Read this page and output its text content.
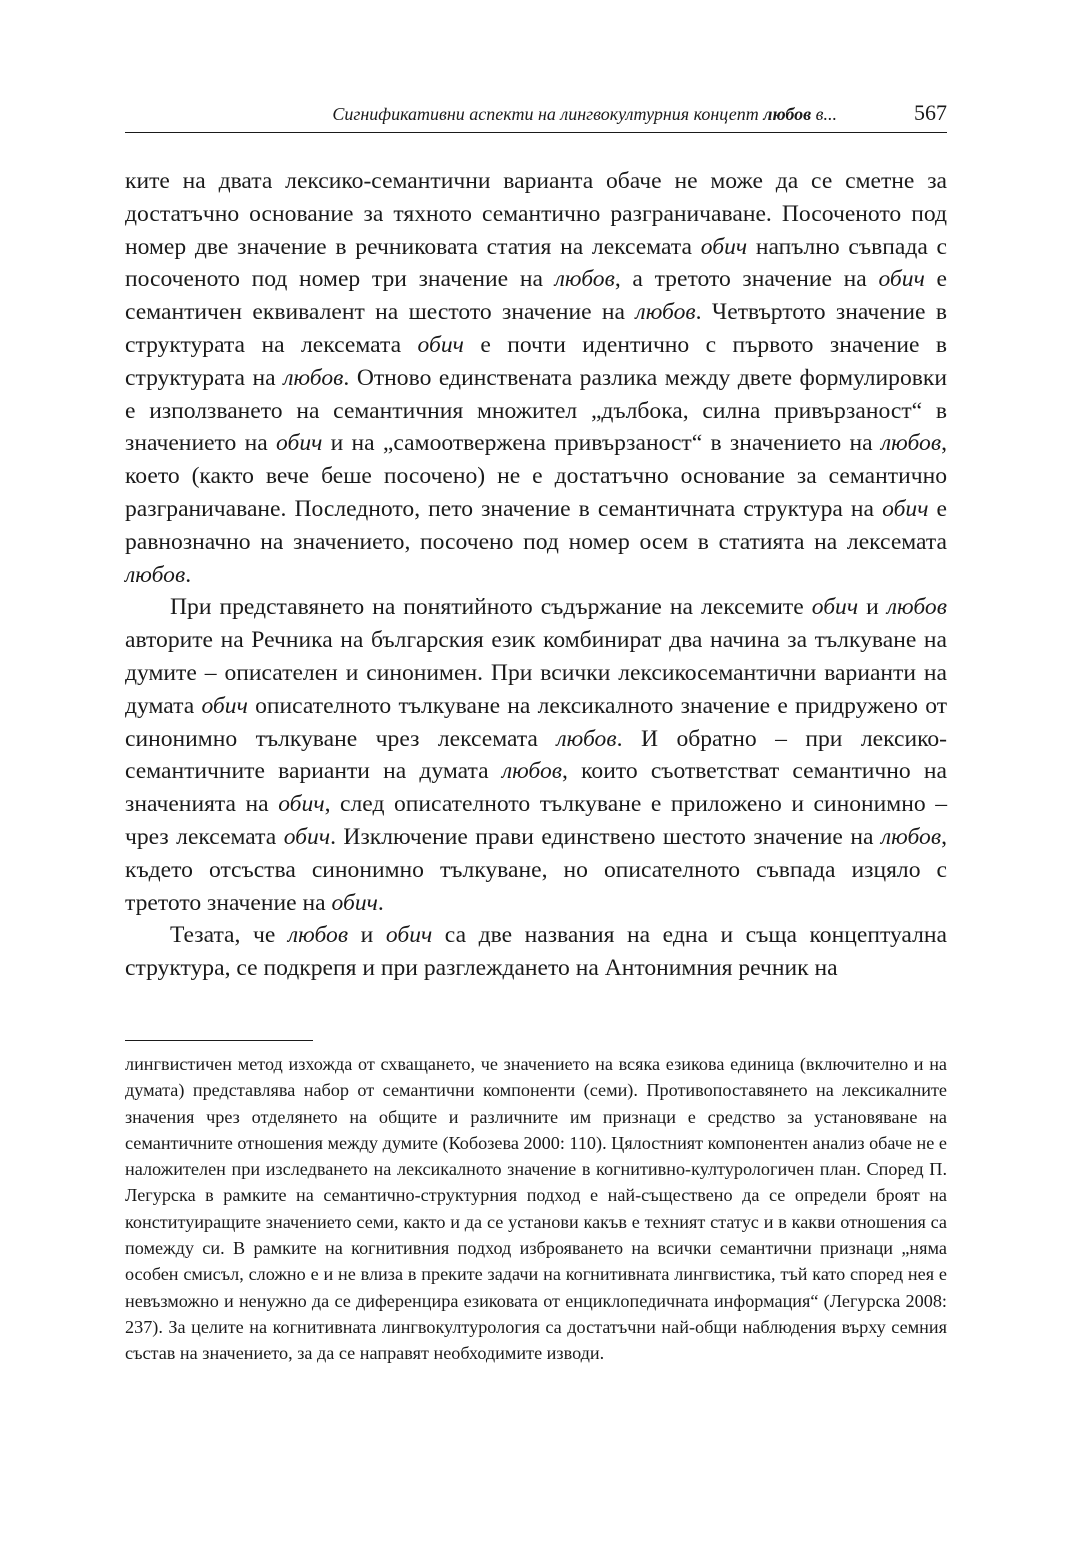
Сигнификативни аспекти на лингвокултурния концепт любов в...	567

ките на двата лексико-семантични варианта обаче не може да се сметне за достатъчно основание за тяхното семантично разграничаване. Посоченото под номер две значение в речниковата статия на лексемата обич напълно съвпада с посоченото под номер три значение на любов, а третото значение на обич е семантичен еквивалент на шестото значение на любов. Четвъртото значение в структурата на лексемата обич е почти идентично с първото значение в структурата на любов. Отново единствената разлика между двете формулировки е използването на семантичния множител „дълбока, силна привързаност“ в значението на обич и на „самоотвержена привързаност“ в значението на любов, което (както вече беше посочено) не е достатъчно основание за семантично разграничаване. Последното, пето значение в семантичната структура на обич е равнозначно на значението, посочено под номер осем в статията на лексемата любов.

При представянето на понятийното съдържание на лексемите обич и любов авторите на Речника на българския език комбинират два начина за тълкуване на думите – описателен и синонимен. При всички лексикосемантични варианти на думата обич описателното тълкуване на лексикалното значение е придружено от синонимно тълкуване чрез лексемата любов. И обратно – при лексико-семантичните варианти на думата любов, които съответстват семантично на значенията на обич, след описателното тълкуване е приложено и синонимно – чрез лексемата обич. Изключение прави единствено шестото значение на любов, където отсъства синонимно тълкуване, но описателното съвпада изцяло с третото значение на обич.

Тезата, че любов и обич са две названия на една и съща концептуална структура, се подкрепя и при разглеждането на Антонимния речник на

лингвистичен метод изхожда от схващането, че значението на всяка езикова единица (включително и на думата) представлява набор от семантични компоненти (семи). Противопоставянето на лексикалните значения чрез отделянето на общите и различните им признаци е средство за установяване на семантичните отношения между думите (Кобозева 2000: 110). Цялостният компонентен анализ обаче не е наложителен при изследването на лексикалното значение в когнитивно-културологичен план. Според П. Легурска в рамките на семантично-структурния подход е най-съществено да се определи броят на конституиращите значението семи, както и да се установи какъв е техният статус и в какви отношения са помежду си. В рамките на когнитивния подход изброяването на всички семантични признаци „няма особен смисъл, сложно е и не влиза в преките задачи на когнитивната лингвистика, тъй като според нея е невъзможно и ненужно да се диференцира езиковата от енциклопедичната информация“ (Легурска 2008: 237). За целите на когнитивната лингвокултурология са достатъчни най-общи наблюдения върху семния състав на значението, за да се направят необходимите изводи.
